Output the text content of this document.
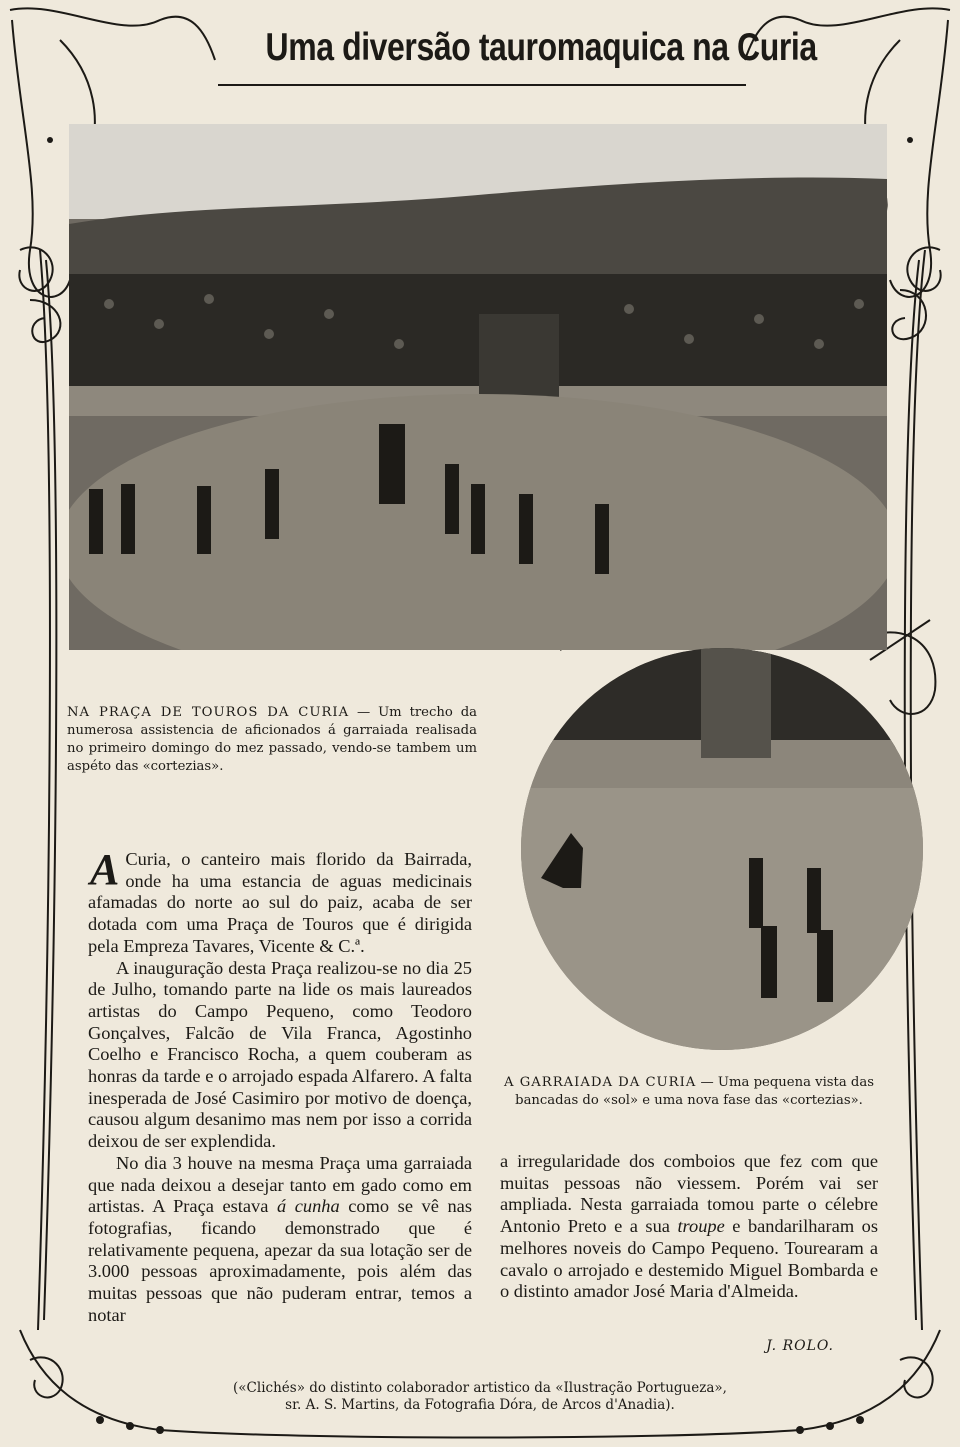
Uma diversão tauromaquica na Curia
NA PRAÇA DE TOUROS DA CURIA — Um trecho da numerosa assistencia de aficionados á garraiada realisada no primeiro domingo do mez passado, vendo-se tambem um aspéto das «cortezias».
A GARRAIADA DA CURIA — Uma pequena vista das bancadas do «sol» e uma nova fase das «cortezias».

A Curia, o canteiro mais florido da Bairrada, onde ha uma estancia de aguas medicinais afamadas do norte ao sul do paiz, acaba de ser dotada com uma Praça de Touros que é dirigida pela Empreza Tavares, Vicente & C.ª.

A inauguração desta Praça realizou-se no dia 25 de Julho, tomando parte na lide os mais laureados artistas do Campo Pequeno, como Teodoro Gonçalves, Falcão de Vila Franca, Agostinho Coelho e Francisco Rocha, a quem couberam as honras da tarde e o arrojado espada Alfarero. A falta inesperada de José Casimiro por motivo de doença, causou algum desanimo mas nem por isso a corrida deixou de ser explendida.

No dia 3 houve na mesma Praça uma garraiada que nada deixou a desejar tanto em gado como em artistas. A Praça estava á cunha como se vê nas fotografias, ficando demonstrado que é relativamente pequena, apezar da sua lotação ser de 3.000 pessoas aproximadamente, pois além das muitas pessoas que não puderam entrar, temos a notar

a irregularidade dos comboios que fez com que muitas pessoas não viessem. Porém vai ser ampliada. Nesta garraiada tomou parte o célebre Antonio Preto e a sua troupe e bandarilharam os melhores noveis do Campo Pequeno. Tourearam a cavalo o arrojado e destemido Miguel Bombarda e o distinto amador José Maria d'Almeida.

J. ROLO.
(«Clichés» do distinto colaborador artistico da «Ilustração Portugueza»,
sr. A. S. Martins, da Fotografia Dóra, de Arcos d'Anadia).
